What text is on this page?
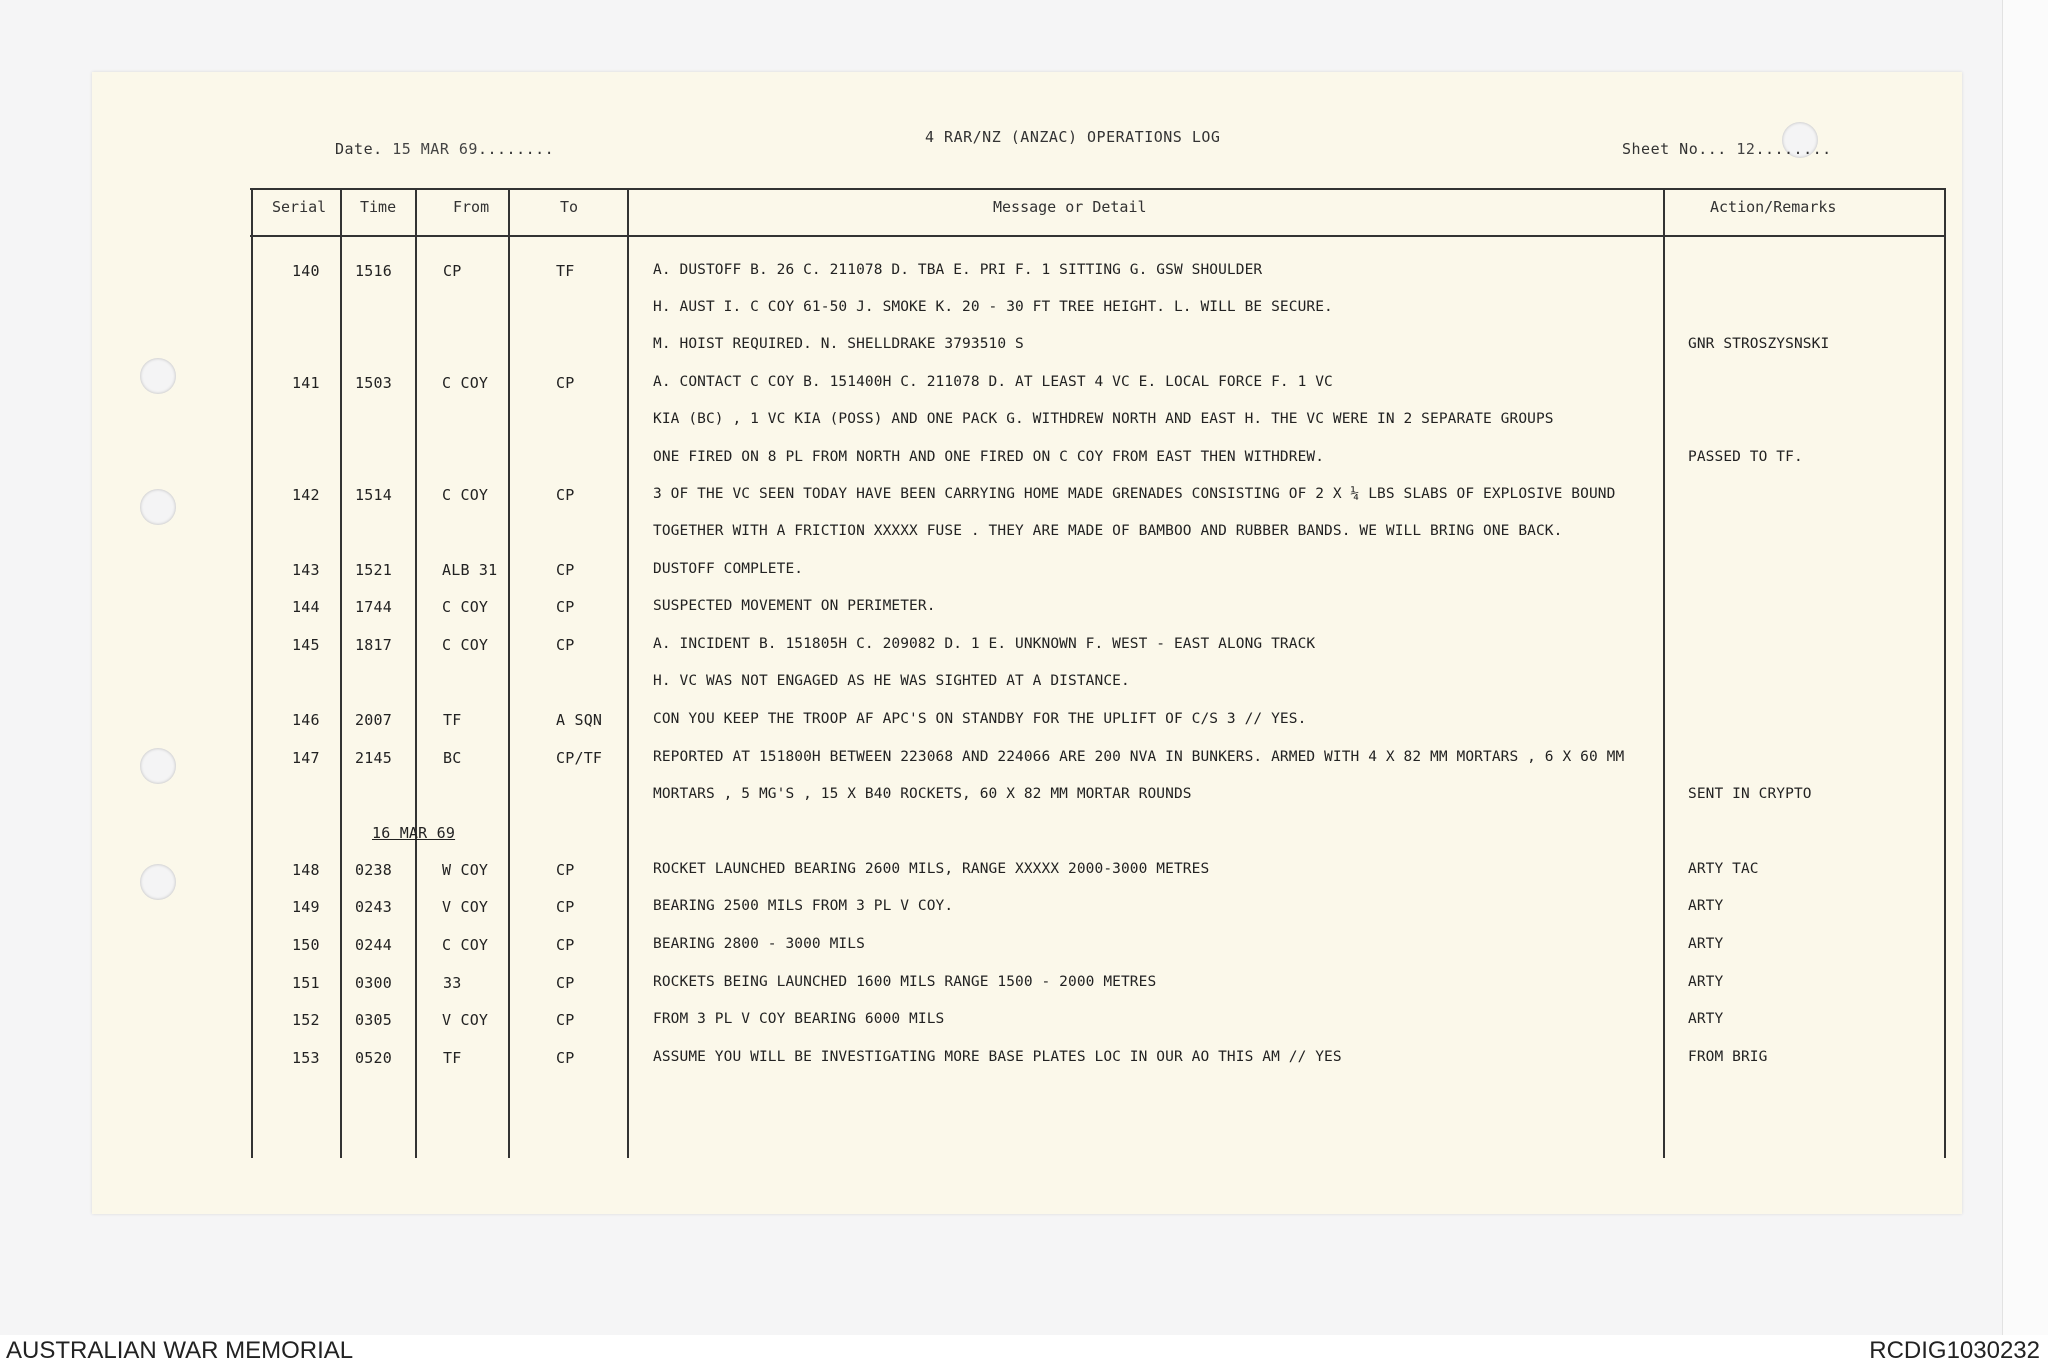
Date. 15 MAR 69........
4 RAR/NZ (ANZAC) OPERATIONS LOG
Sheet No... 12........
Serial Time	From	To	Message or Detail	Action/Remarks
140 1516	CP	TF	A. DUSTOFF B. 26 C. 211078 D. TBA E. PRI F. 1 SITTING G. GSW SHOULDER
H. AUST I. C COY 61-50 J. SMOKE K. 20 - 30 FT TREE HEIGHT. L. WILL BE SECURE.
M. HOIST REQUIRED. N. SHELLDRAKE 3793510 S	GNR STROSZYSNSKI
141 1503	C COY	CP	A. CONTACT C COY B. 151400H C. 211078 D. AT LEAST 4 VC E. LOCAL FORCE F. 1 VC
KIA (BC) , 1 VC KIA (POSS) AND ONE PACK G. WITHDREW NORTH AND EAST H. THE VC WERE IN 2 SEPARATE GROUPS
ONE FIRED ON 8 PL FROM NORTH AND ONE FIRED ON C COY FROM EAST THEN WITHDREW.	PASSED TO TF.
142 1514	C COY	CP	3 OF THE VC SEEN TODAY HAVE BEEN CARRYING HOME MADE GRENADES CONSISTING OF 2 X ¼ LBS SLABS OF EXPLOSIVE BOUND
TOGETHER WITH A FRICTION XXXXX FUSE . THEY ARE MADE OF BAMBOO AND RUBBER BANDS. WE WILL BRING ONE BACK.
143 1521	ALB 31	CP	DUSTOFF COMPLETE.
144 1744	C COY	CP	SUSPECTED MOVEMENT ON PERIMETER.
145 1817	C COY	CP	A. INCIDENT B. 151805H C. 209082 D. 1 E. UNKNOWN F. WEST - EAST ALONG TRACK
H. VC WAS NOT ENGAGED AS HE WAS SIGHTED AT A DISTANCE.
146 2007	TF	A SQN	CON YOU KEEP THE TROOP AF APC'S ON STANDBY FOR THE UPLIFT OF C/S 3 // YES.
147 2145	BC	CP/TF	REPORTED AT 151800H BETWEEN 223068 AND 224066 ARE 200 NVA IN BUNKERS. ARMED WITH 4 X 82 MM MORTARS , 6 X 60 MM
MORTARS , 5 MG'S , 15 X B40 ROCKETS, 60 X 82 MM MORTAR ROUNDS	SENT IN CRYPTO
148 0238	W COY	CP	ROCKET LAUNCHED BEARING 2600 MILS, RANGE XXXXX 2000-3000 METRES	ARTY TAC
149 0243	V COY	CP	BEARING 2500 MILS FROM 3 PL V COY.	ARTY
150 0244	C COY	CP	BEARING 2800 - 3000 MILS	ARTY
151 0300	33	CP	ROCKETS BEING LAUNCHED 1600 MILS RANGE 1500 - 2000 METRES	ARTY
152 0305	V COY	CP	FROM 3 PL V COY BEARING 6000 MILS	ARTY
153 0520	TF	CP	ASSUME YOU WILL BE INVESTIGATING MORE BASE PLATES LOC IN OUR AO THIS AM // YES	FROM BRIG
16 MAR 69
AUSTRALIAN WAR MEMORIAL	RCDIG1030232
